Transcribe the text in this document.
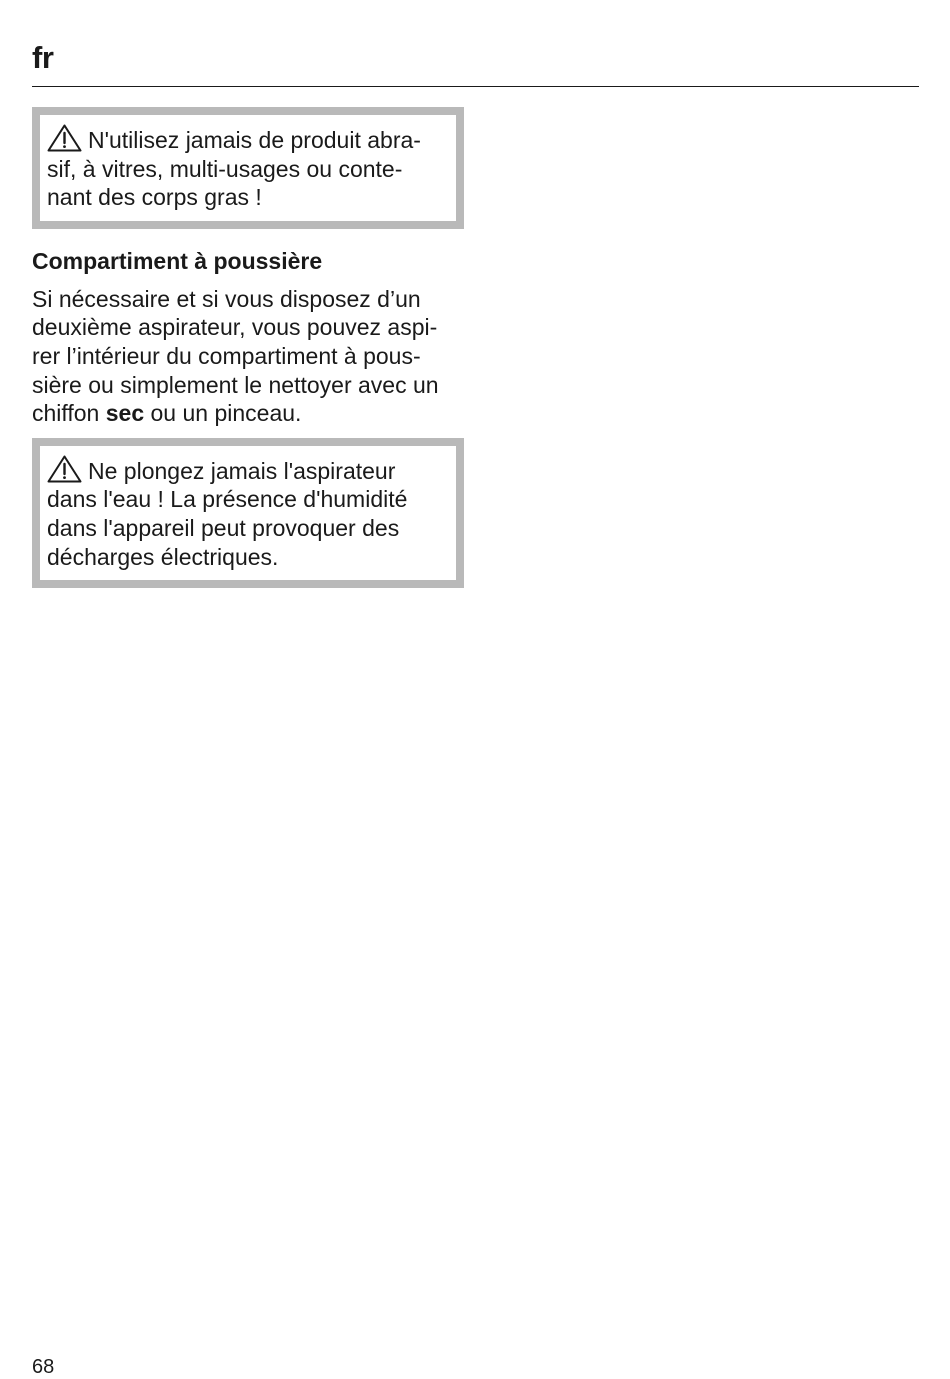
fr
N'utilisez jamais de produit abra-
sif, à vitres, multi-usages ou conte-
nant des corps gras !
Compartiment à poussière

Si nécessaire et si vous disposez d’un
deuxième aspirateur, vous pouvez aspi-
rer l’intérieur du compartiment à pous-
sière ou simplement le nettoyer avec un
chiffon sec ou un pinceau.

Ne plongez jamais l'aspirateur
dans l'eau ! La présence d'humidité
dans l'appareil peut provoquer des
décharges électriques.
68
